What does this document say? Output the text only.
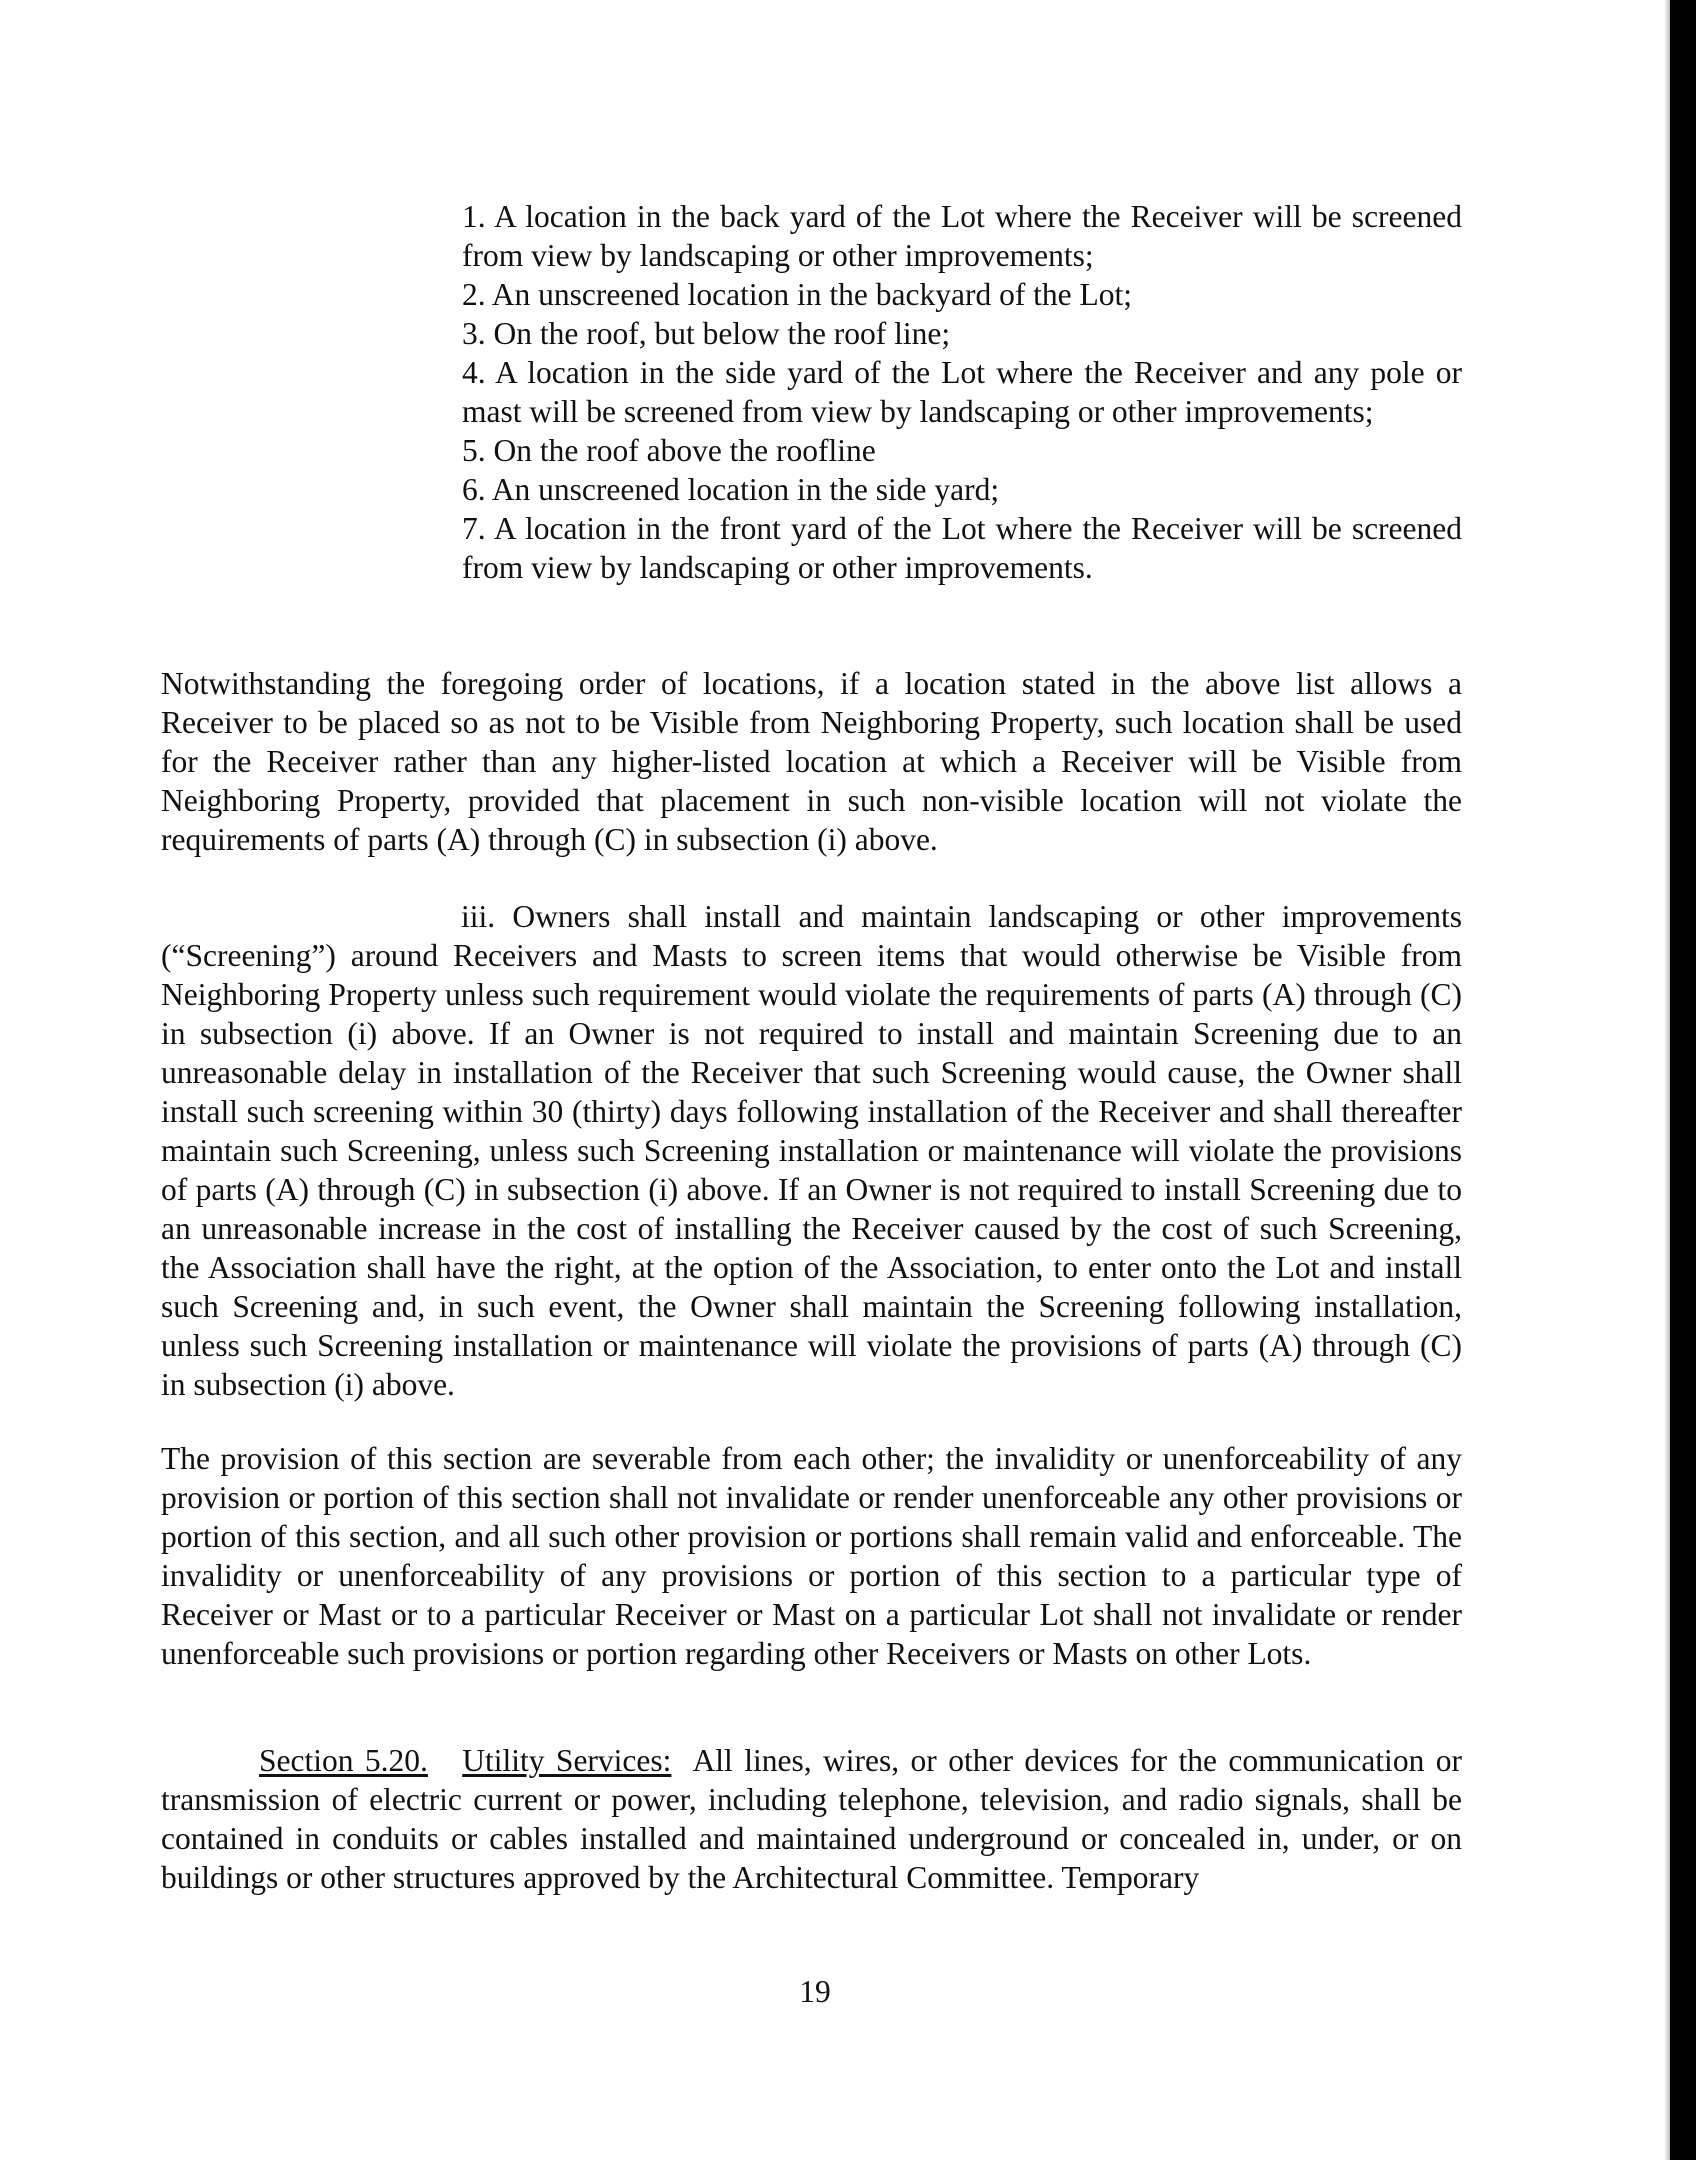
1. A location in the back yard of the Lot where the Receiver will be screened from view by landscaping or other improvements;
2. An unscreened location in the backyard of the Lot;
3. On the roof, but below the roof line;
4. A location in the side yard of the Lot where the Receiver and any pole or mast will be screened from view by landscaping or other improvements;
5. On the roof above the roofline
6. An unscreened location in the side yard;
7. A location in the front yard of the Lot where the Receiver will be screened from view by landscaping or other improvements.

Notwithstanding the foregoing order of locations, if a location stated in the above list allows a Receiver to be placed so as not to be Visible from Neighboring Property, such location shall be used for the Receiver rather than any higher-listed location at which a Receiver will be Visible from Neighboring Property, provided that placement in such non-visible location will not violate the requirements of parts (A) through (C) in subsection (i) above.

iii. Owners shall install and maintain landscaping or other improvements (“Screening”) around Receivers and Masts to screen items that would otherwise be Visible from Neighboring Property unless such requirement would violate the requirements of parts (A) through (C) in subsection (i) above. If an Owner is not required to install and maintain Screening due to an unreasonable delay in installation of the Receiver that such Screening would cause, the Owner shall install such screening within 30 (thirty) days following installation of the Receiver and shall thereafter maintain such Screening, unless such Screening installation or maintenance will violate the provisions of parts (A) through (C) in subsection (i) above. If an Owner is not required to install Screening due to an unreasonable increase in the cost of installing the Receiver caused by the cost of such Screening, the Association shall have the right, at the option of the Association, to enter onto the Lot and install such Screening and, in such event, the Owner shall maintain the Screening following installation, unless such Screening installation or maintenance will violate the provisions of parts (A) through (C) in subsection (i) above.

The provision of this section are severable from each other; the invalidity or unenforceability of any provision or portion of this section shall not invalidate or render unenforceable any other provisions or portion of this section, and all such other provision or portions shall remain valid and enforceable. The invalidity or unenforceability of any provisions or portion of this section to a particular type of Receiver or Mast or to a particular Receiver or Mast on a particular Lot shall not invalidate or render unenforceable such provisions or portion regarding other Receivers or Masts on other Lots.

Section 5.20. Utility Services: All lines, wires, or other devices for the communication or transmission of electric current or power, including telephone, television, and radio signals, shall be contained in conduits or cables installed and maintained underground or concealed in, under, or on buildings or other structures approved by the Architectural Committee. Temporary

19
